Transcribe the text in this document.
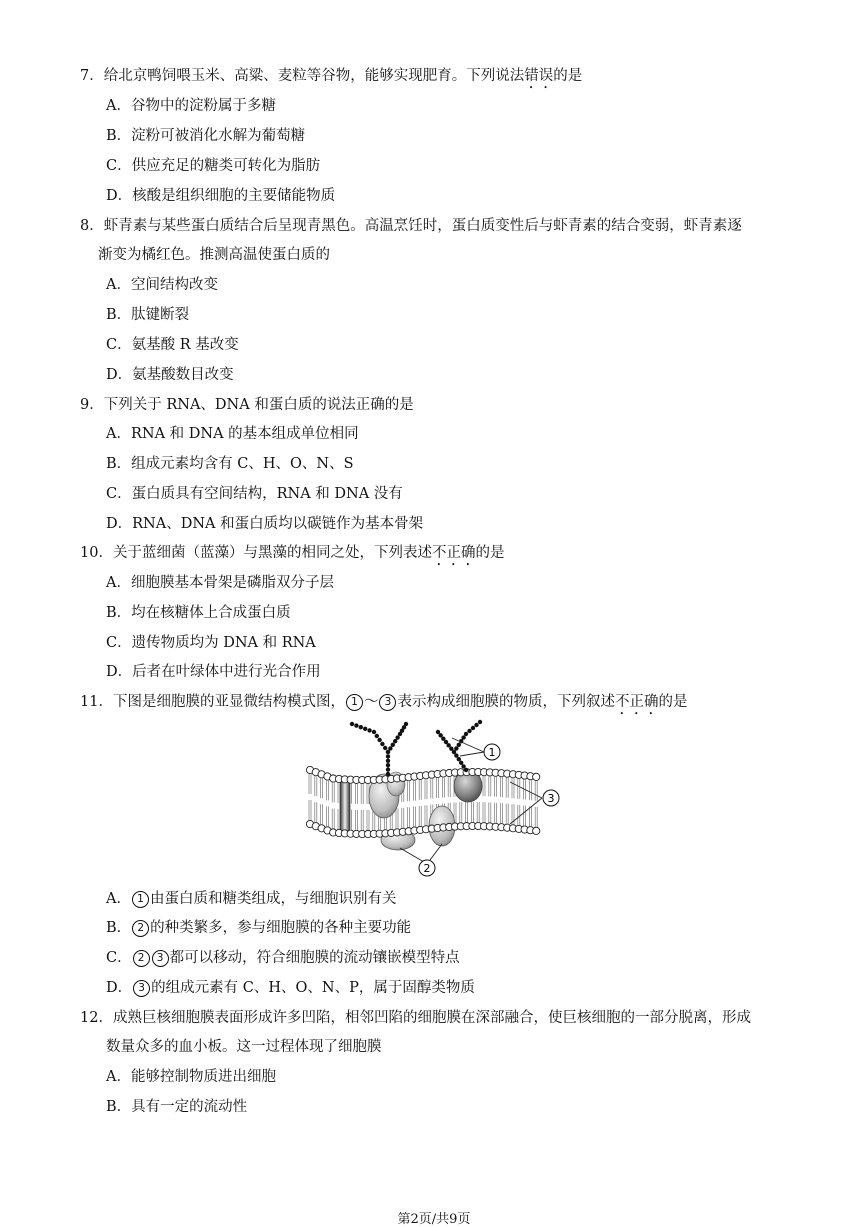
7．给北京鸭饲喂玉米、高粱、麦粒等谷物，能够实现肥育。下列说法错误的是
A．谷物中的淀粉属于多糖
B．淀粉可被消化水解为葡萄糖
C．供应充足的糖类可转化为脂肪
D．核酸是组织细胞的主要储能物质
8．虾青素与某些蛋白质结合后呈现青黑色。高温烹饪时，蛋白质变性后与虾青素的结合变弱，虾青素逐
渐变为橘红色。推测高温使蛋白质的
A．空间结构改变
B．肽键断裂
C．氨基酸 R 基改变
D．氨基酸数目改变
9．下列关于 RNA、DNA 和蛋白质的说法正确的是
A．RNA 和 DNA 的基本组成单位相同
B．组成元素均含有 C、H、O、N、S
C．蛋白质具有空间结构，RNA 和 DNA 没有
D．RNA、DNA 和蛋白质均以碳链作为基本骨架
10．关于蓝细菌（蓝藻）与黑藻的相同之处，下列表述不正确的是
A．细胞膜基本骨架是磷脂双分子层
B．均在核糖体上合成蛋白质
C．遗传物质均为 DNA 和 RNA
D．后者在叶绿体中进行光合作用
11．下图是细胞膜的亚显微结构模式图， 1 ～ 3 表示构成细胞膜的物质，下列叙述不正确的是
1
3
2
A． 1 由蛋白质和糖类组成，与细胞识别有关
B． 2 的种类繁多，参与细胞膜的各种主要功能
C． 2 3 都可以移动，符合细胞膜的流动镶嵌模型特点
D． 3 的组成元素有 C、H、O、N、P，属于固醇类物质
12．成熟巨核细胞膜表面形成许多凹陷，相邻凹陷的细胞膜在深部融合，使巨核细胞的一部分脱离，形成
数量众多的血小板。这一过程体现了细胞膜
A．能够控制物质进出细胞
B．具有一定的流动性
第2页/共9页
